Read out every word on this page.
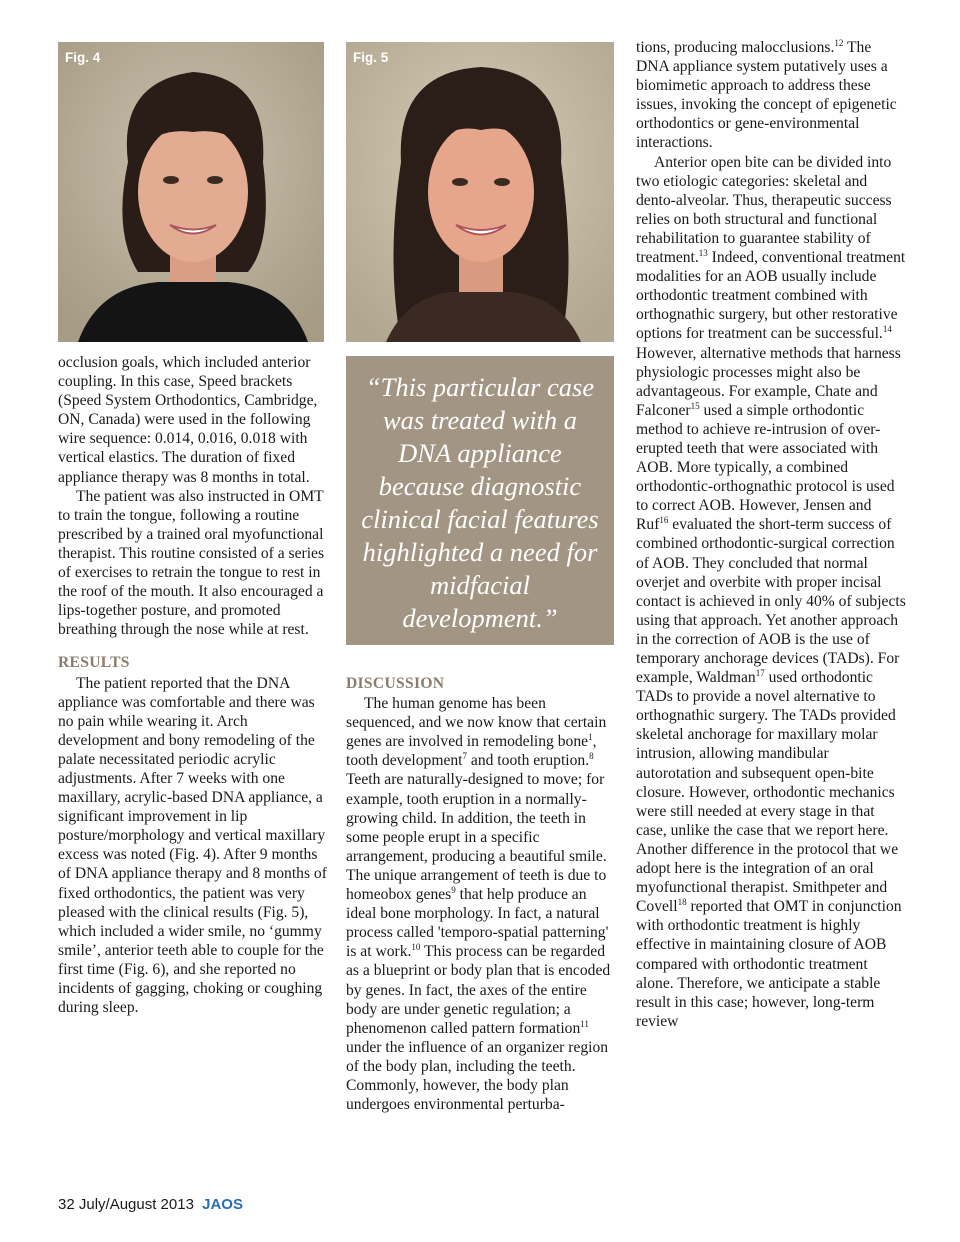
Fig. 4	Fig. 5

occlusion goals, which included anterior coupling. In this case, Speed brackets (Speed System Orthodontics, Cambridge, ON, Canada) were used in the following wire sequence: 0.014, 0.016, 0.018 with vertical elastics. The duration of fixed appliance therapy was 8 months in total.

The patient was also instructed in OMT to train the tongue, following a routine prescribed by a trained oral myofunctional therapist. This routine consisted of a series of exercises to retrain the tongue to rest in the roof of the mouth. It also encouraged a lips-together posture, and promoted breathing through the nose while at rest.

RESULTS

The patient reported that the DNA appliance was comfortable and there was no pain while wearing it. Arch development and bony remodeling of the palate necessitated periodic acrylic adjustments. After 7 weeks with one maxillary, acrylic-based DNA appliance, a significant improvement in lip posture/morphology and vertical maxillary excess was noted (Fig. 4). After 9 months of DNA appliance therapy and 8 months of fixed orthodontics, the patient was very pleased with the clinical results (Fig. 5), which included a wider smile, no ‘gummy smile’, anterior teeth able to couple for the first time (Fig. 6), and she reported no incidents of gagging, choking or coughing during sleep.

“This particular case was treated with a DNA appliance because diagnostic clinical facial features highlighted a need for midfacial development.”
DISCUSSION

The human genome has been sequenced, and we now know that certain genes are involved in remodeling bone$^1$, tooth development$^7$ and tooth eruption.$^8$ Teeth are naturally-designed to move; for example, tooth eruption in a normally-growing child. In addition, the teeth in some people erupt in a specific arrangement, producing a beautiful smile. The unique arrangement of teeth is due to homeobox genes$^9$ that help produce an ideal bone morphology. In fact, a natural process called 'temporo-spatial patterning' is at work.$^{10}$ This process can be regarded as a blueprint or body plan that is encoded by genes. In fact, the axes of the entire body are under genetic regulation; a phenomenon called pattern formation$^{11}$ under the influence of an organizer region of the body plan, including the teeth. Commonly, however, the body plan undergoes environmental perturba-

tions, producing malocclusions.$^{12}$ The DNA appliance system putatively uses a biomimetic approach to address these issues, invoking the concept of epigenetic orthodontics or gene-environmental interactions.

Anterior open bite can be divided into two etiologic categories: skeletal and dento-alveolar. Thus, therapeutic success relies on both structural and functional rehabilitation to guarantee stability of treatment.$^{13}$ Indeed, conventional treatment modalities for an AOB usually include orthodontic treatment combined with orthognathic surgery, but other restorative options for treatment can be successful.$^{14}$ However, alternative methods that harness physiologic processes might also be advantageous. For example, Chate and Falconer$^{15}$ used a simple orthodontic method to achieve re-intrusion of over-erupted teeth that were associated with AOB. More typically, a combined orthodontic-orthognathic protocol is used to correct AOB. However, Jensen and Ruf$^{16}$ evaluated the short-term success of combined orthodontic-surgical correction of AOB. They concluded that normal overjet and overbite with proper incisal contact is achieved in only 40% of subjects using that approach. Yet another approach in the correction of AOB is the use of temporary anchorage devices (TADs). For example, Waldman$^{17}$ used orthodontic TADs to provide a novel alternative to orthognathic surgery. The TADs provided skeletal anchorage for maxillary molar intrusion, allowing mandibular autorotation and subsequent open-bite closure. However, orthodontic mechanics were still needed at every stage in that case, unlike the case that we report here. Another difference in the protocol that we adopt here is the integration of an oral myofunctional therapist. Smithpeter and Covell$^{18}$ reported that OMT in conjunction with orthodontic treatment is highly effective in maintaining closure of AOB compared with orthodontic treatment alone. Therefore, we anticipate a stable result in this case; however, long-term review

32 July/August 2013 JAOS
